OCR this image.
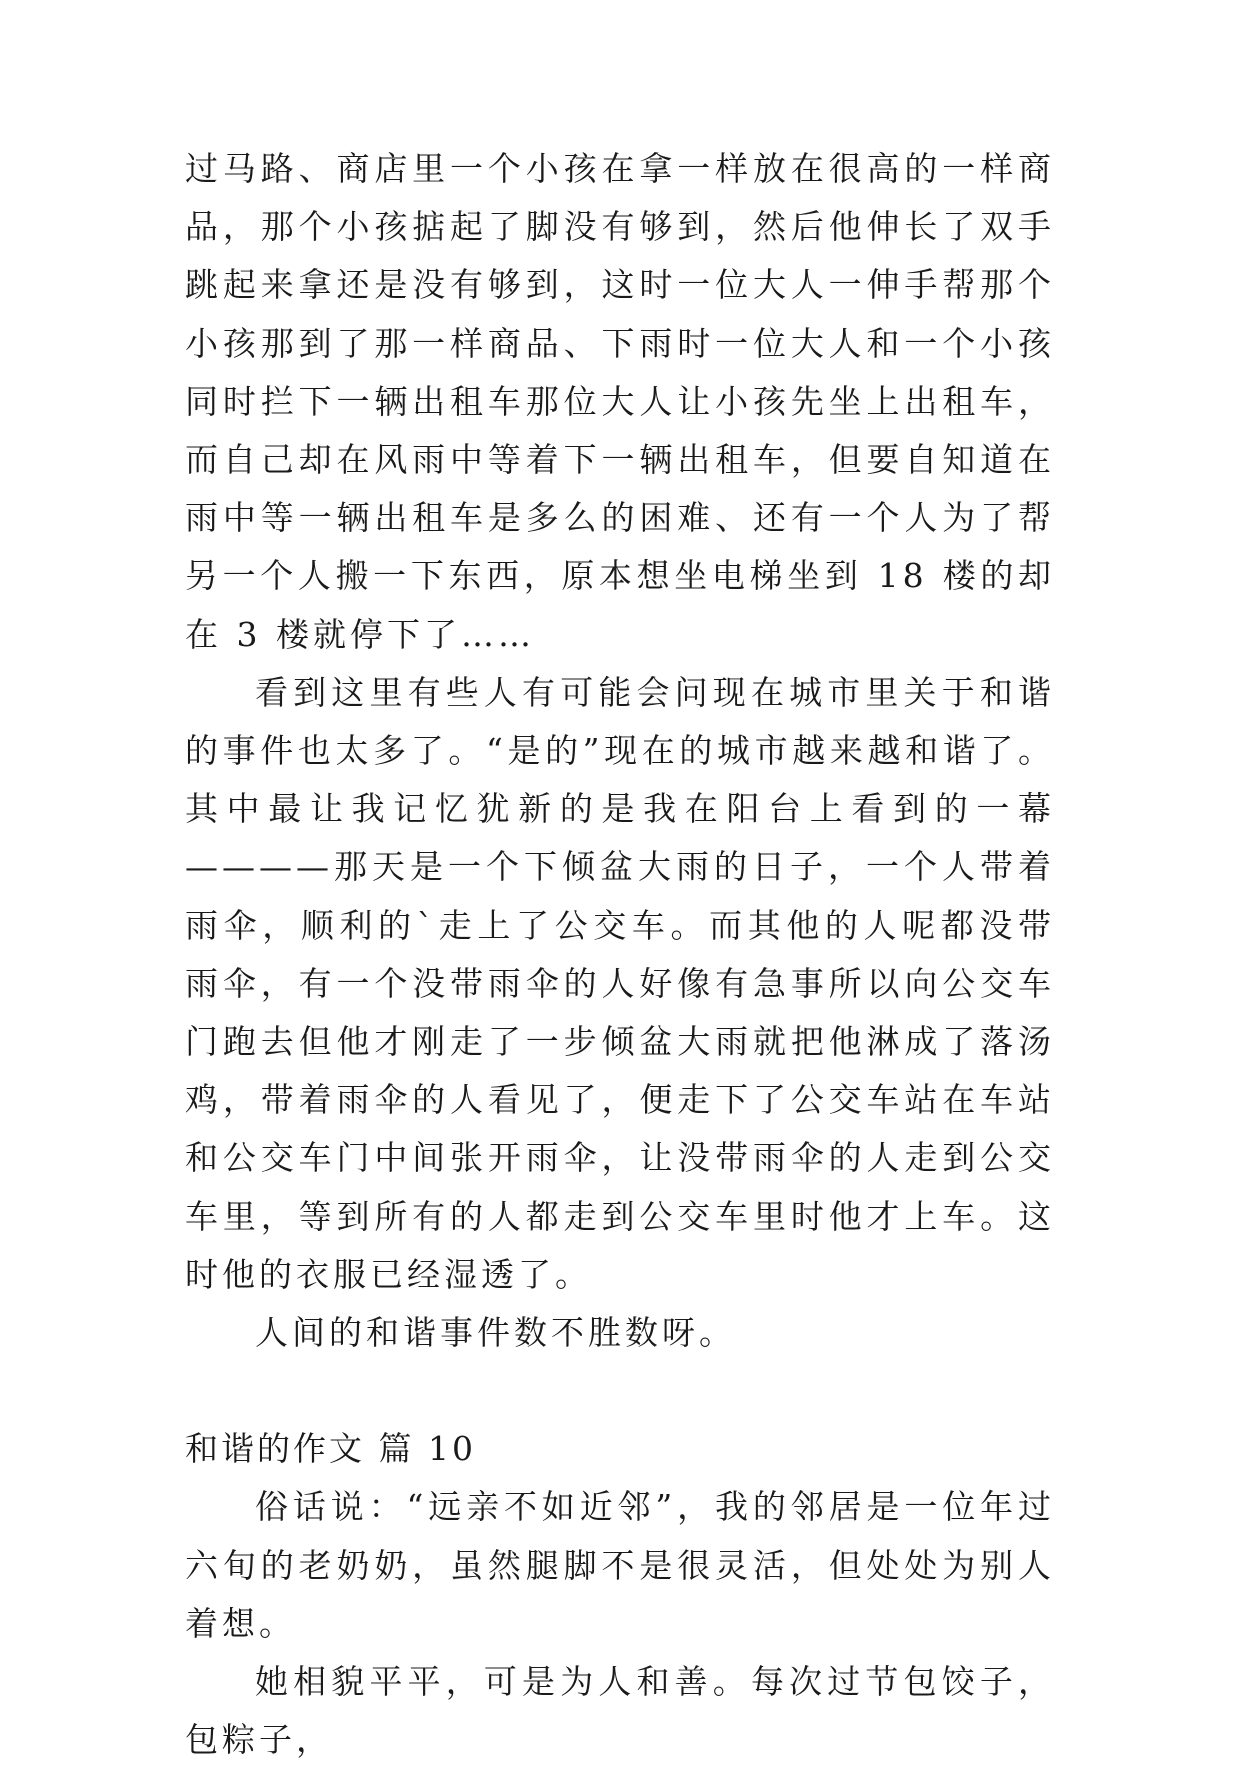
过马路、商店里一个小孩在拿一样放在很高的一样商品，那个小孩掂起了脚没有够到，然后他伸长了双手跳起来拿还是没有够到，这时一位大人一伸手帮那个小孩那到了那一样商品、下雨时一位大人和一个小孩同时拦下一辆出租车那位大人让小孩先坐上出租车，而自己却在风雨中等着下一辆出租车，但要自知道在雨中等一辆出租车是多么的困难、还有一个人为了帮另一个人搬一下东西，原本想坐电梯坐到 18 楼的却在 3 楼就停下了……

看到这里有些人有可能会问现在城市里关于和谐的事件也太多了。“是的”现在的城市越来越和谐了。其中最让我记忆犹新的是我在阳台上看到的一幕————那天是一个下倾盆大雨的日子，一个人带着雨伞，顺利的`走上了公交车。而其他的人呢都没带雨伞，有一个没带雨伞的人好像有急事所以向公交车门跑去但他才刚走了一步倾盆大雨就把他淋成了落汤鸡，带着雨伞的人看见了，便走下了公交车站在车站和公交车门中间张开雨伞，让没带雨伞的人走到公交车里，等到所有的人都走到公交车里时他才上车。这时他的衣服已经湿透了。

人间的和谐事件数不胜数呀。

和谐的作文 篇 10

俗话说：“远亲不如近邻”，我的邻居是一位年过六旬的老奶奶，虽然腿脚不是很灵活，但处处为别人着想。

她相貌平平，可是为人和善。每次过节包饺子，包粽子，
